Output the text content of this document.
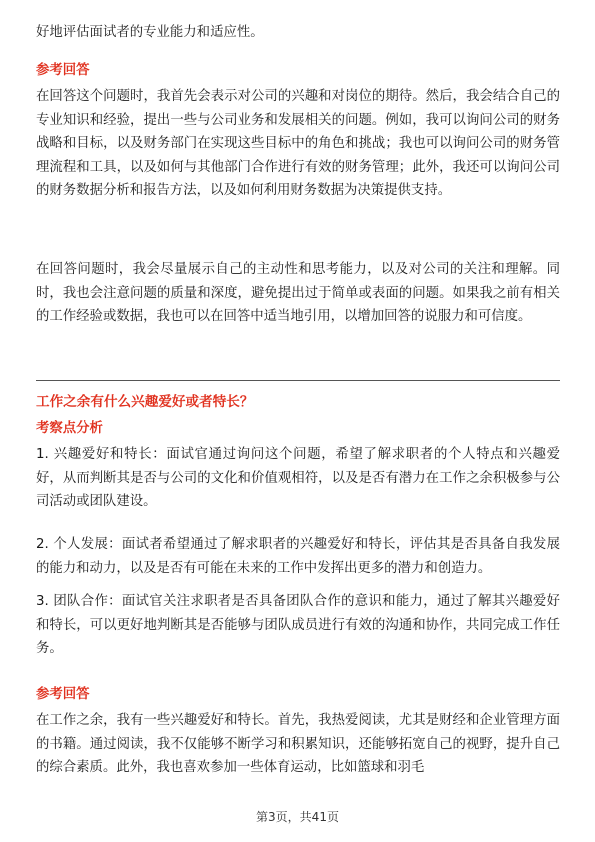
好地评估面试者的专业能力和适应性。

参考回答

在回答这个问题时，我首先会表示对公司的兴趣和对岗位的期待。然后，我会结合自己的专业知识和经验，提出一些与公司业务和发展相关的问题。例如，我可以询问公司的财务战略和目标，以及财务部门在实现这些目标中的角色和挑战；我也可以询问公司的财务管理流程和工具，以及如何与其他部门合作进行有效的财务管理；此外，我还可以询问公司的财务数据分析和报告方法，以及如何利用财务数据为决策提供支持。

在回答问题时，我会尽量展示自己的主动性和思考能力，以及对公司的关注和理解。同时，我也会注意问题的质量和深度，避免提出过于简单或表面的问题。如果我之前有相关的工作经验或数据，我也可以在回答中适当地引用，以增加回答的说服力和可信度。

工作之余有什么兴趣爱好或者特长？

考察点分析

1. 兴趣爱好和特长：面试官通过询问这个问题，希望了解求职者的个人特点和兴趣爱好，从而判断其是否与公司的文化和价值观相符，以及是否有潜力在工作之余积极参与公司活动或团队建设。

2. 个人发展：面试者希望通过了解求职者的兴趣爱好和特长，评估其是否具备自我发展的能力和动力，以及是否有可能在未来的工作中发挥出更多的潜力和创造力。

3. 团队合作：面试官关注求职者是否具备团队合作的意识和能力，通过了解其兴趣爱好和特长，可以更好地判断其是否能够与团队成员进行有效的沟通和协作，共同完成工作任务。

参考回答

在工作之余，我有一些兴趣爱好和特长。首先，我热爱阅读，尤其是财经和企业管理方面的书籍。通过阅读，我不仅能够不断学习和积累知识，还能够拓宽自己的视野，提升自己的综合素质。此外，我也喜欢参加一些体育运动，比如篮球和羽毛

第3页，共41页
